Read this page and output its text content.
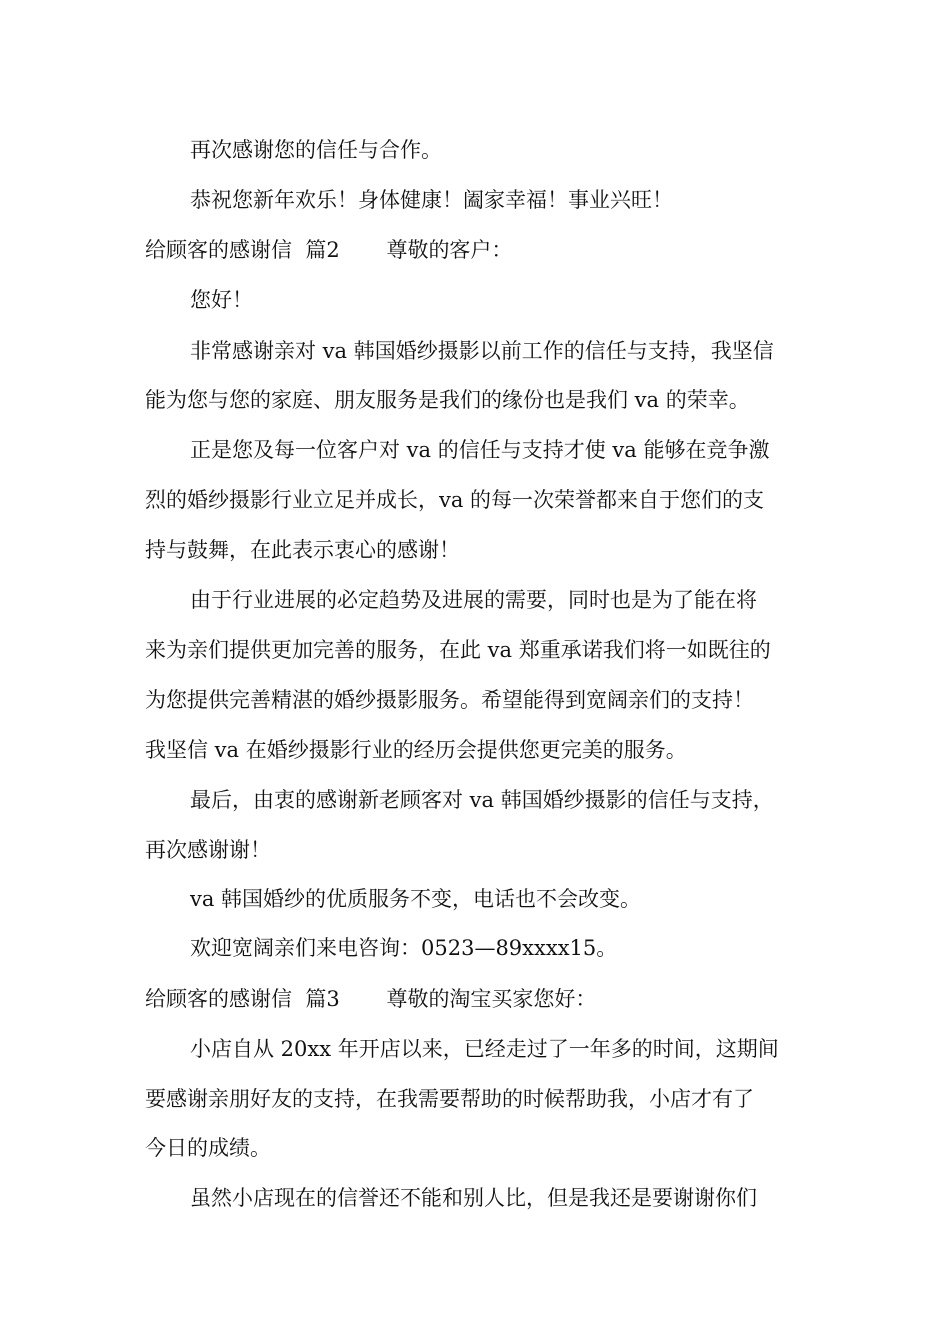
再次感谢您的信任与合作。
恭祝您新年欢乐！身体健康！阖家幸福！事业兴旺！
给顾客的感谢信  篇2       尊敬的客户：
您好！
非常感谢亲对 va 韩国婚纱摄影以前工作的信任与支持，我坚信
能为您与您的家庭、朋友服务是我们的缘份也是我们 va 的荣幸。
正是您及每一位客户对 va 的信任与支持才使 va 能够在竞争激
烈的婚纱摄影行业立足并成长，va 的每一次荣誉都来自于您们的支
持与鼓舞，在此表示衷心的感谢！
由于行业进展的必定趋势及进展的需要，同时也是为了能在将
来为亲们提供更加完善的服务，在此 va 郑重承诺我们将一如既往的
为您提供完善精湛的婚纱摄影服务。希望能得到宽阔亲们的支持！
我坚信 va 在婚纱摄影行业的经历会提供您更完美的服务。
最后，由衷的感谢新老顾客对 va 韩国婚纱摄影的信任与支持，
再次感谢谢！
va 韩国婚纱的优质服务不变，电话也不会改变。
欢迎宽阔亲们来电咨询：0523—89xxxx15。
给顾客的感谢信  篇3       尊敬的淘宝买家您好：
小店自从 20xx 年开店以来，已经走过了一年多的时间，这期间
要感谢亲朋好友的支持，在我需要帮助的时候帮助我，小店才有了
今日的成绩。
虽然小店现在的信誉还不能和别人比，但是我还是要谢谢你们
